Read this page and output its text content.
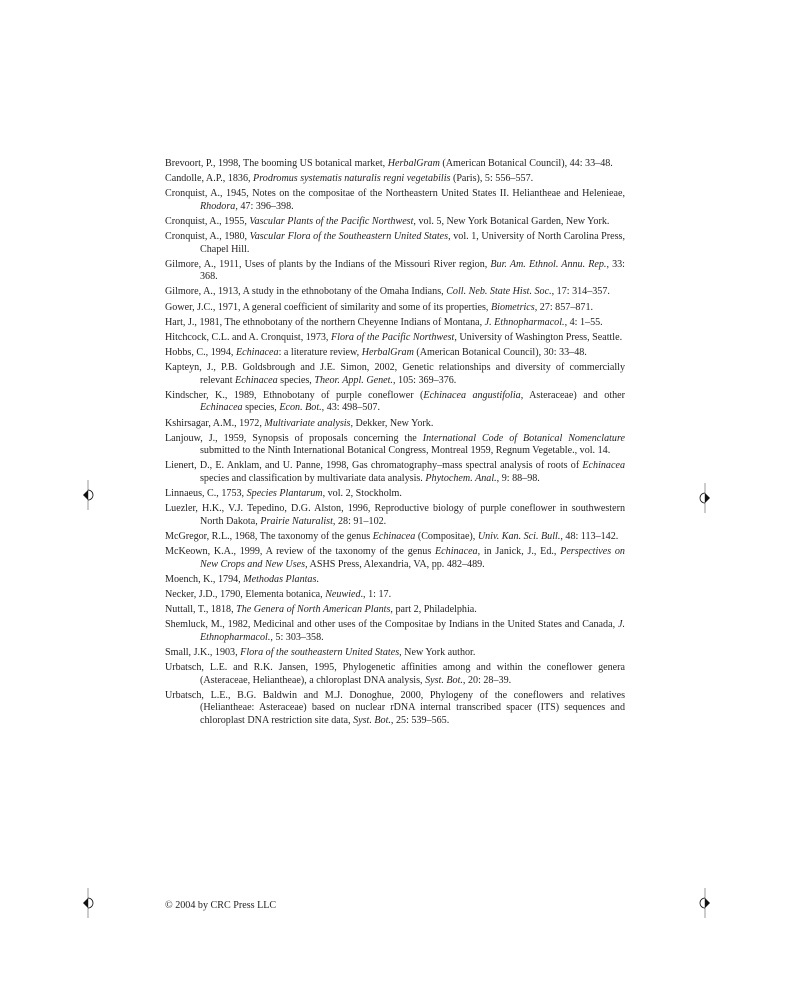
Brevoort, P., 1998, The booming US botanical market, HerbalGram (American Botanical Council), 44: 33–48.
Candolle, A.P., 1836, Prodromus systematis naturalis regni vegetabilis (Paris), 5: 556–557.
Cronquist, A., 1945, Notes on the compositae of the Northeastern United States II. Heliantheae and Helenieae, Rhodora, 47: 396–398.
Cronquist, A., 1955, Vascular Plants of the Pacific Northwest, vol. 5, New York Botanical Garden, New York.
Cronquist, A., 1980, Vascular Flora of the Southeastern United States, vol. 1, University of North Carolina Press, Chapel Hill.
Gilmore, A., 1911, Uses of plants by the Indians of the Missouri River region, Bur. Am. Ethnol. Annu. Rep., 33: 368.
Gilmore, A., 1913, A study in the ethnobotany of the Omaha Indians, Coll. Neb. State Hist. Soc., 17: 314–357.
Gower, J.C., 1971, A general coefficient of similarity and some of its properties, Biometrics, 27: 857–871.
Hart, J., 1981, The ethnobotany of the northern Cheyenne Indians of Montana, J. Ethnopharmacol., 4: 1–55.
Hitchcock, C.L. and A. Cronquist, 1973, Flora of the Pacific Northwest, University of Washington Press, Seattle.
Hobbs, C., 1994, Echinacea: a literature review, HerbalGram (American Botanical Council), 30: 33–48.
Kapteyn, J., P.B. Goldsbrough and J.E. Simon, 2002, Genetic relationships and diversity of commercially relevant Echinacea species, Theor. Appl. Genet., 105: 369–376.
Kindscher, K., 1989, Ethnobotany of purple coneflower (Echinacea angustifolia, Asteraceae) and other Echinacea species, Econ. Bot., 43: 498–507.
Kshirsagar, A.M., 1972, Multivariate analysis, Dekker, New York.
Lanjouw, J., 1959, Synopsis of proposals concerning the International Code of Botanical Nomenclature submitted to the Ninth International Botanical Congress, Montreal 1959, Regnum Vegetable., vol. 14.
Lienert, D., E. Anklam, and U. Panne, 1998, Gas chromatography–mass spectral analysis of roots of Echinacea species and classification by multivariate data analysis. Phytochem. Anal., 9: 88–98.
Linnaeus, C., 1753, Species Plantarum, vol. 2, Stockholm.
Luezler, H.K., V.J. Tepedino, D.G. Alston, 1996, Reproductive biology of purple coneflower in southwestern North Dakota, Prairie Naturalist, 28: 91–102.
McGregor, R.L., 1968, The taxonomy of the genus Echinacea (Compositae), Univ. Kan. Sci. Bull., 48: 113–142.
McKeown, K.A., 1999, A review of the taxonomy of the genus Echinacea, in Janick, J., Ed., Perspectives on New Crops and New Uses, ASHS Press, Alexandria, VA, pp. 482–489.
Moench, K., 1794, Methodas Plantas.
Necker, J.D., 1790, Elementa botanica, Neuwied., 1: 17.
Nuttall, T., 1818, The Genera of North American Plants, part 2, Philadelphia.
Shemluck, M., 1982, Medicinal and other uses of the Compositae by Indians in the United States and Canada, J. Ethnopharmacol., 5: 303–358.
Small, J.K., 1903, Flora of the southeastern United States, New York author.
Urbatsch, L.E. and R.K. Jansen, 1995, Phylogenetic affinities among and within the coneflower genera (Asteraceae, Heliantheae), a chloroplast DNA analysis, Syst. Bot., 20: 28–39.
Urbatsch, L.E., B.G. Baldwin and M.J. Donoghue, 2000, Phylogeny of the coneflowers and relatives (Heliantheae: Asteraceae) based on nuclear rDNA internal transcribed spacer (ITS) sequences and chloroplast DNA restriction site data, Syst. Bot., 25: 539–565.
© 2004 by CRC Press LLC
